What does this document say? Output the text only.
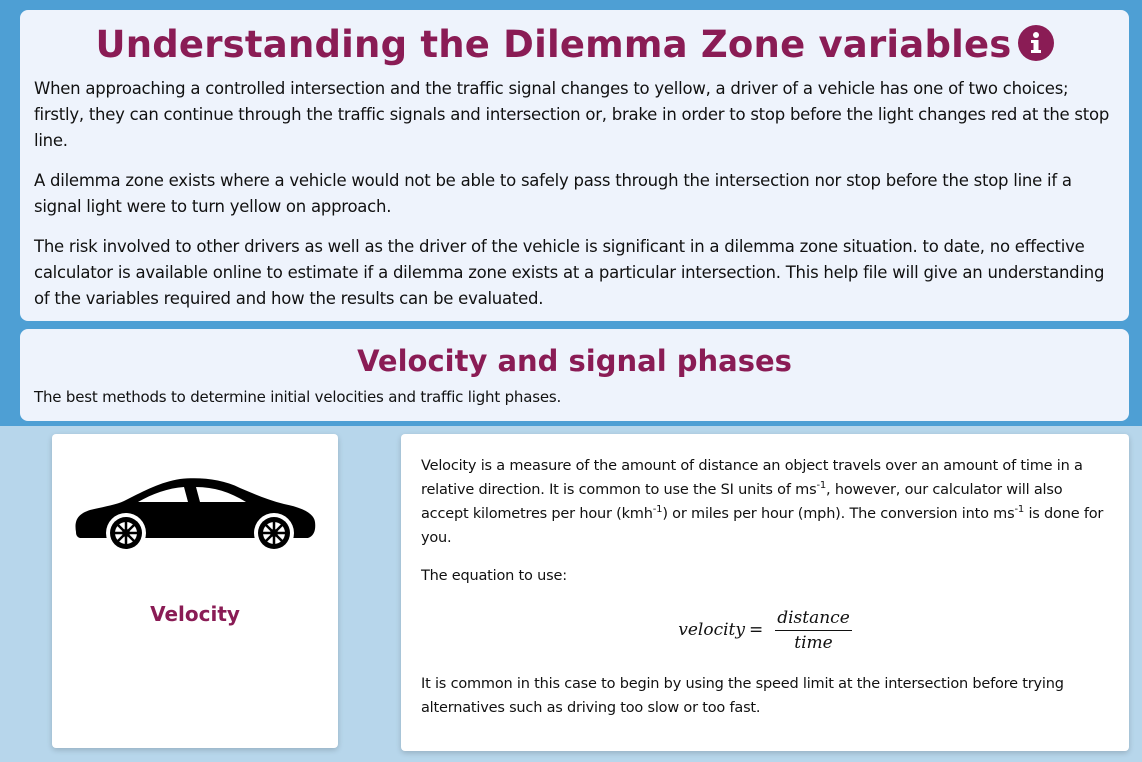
Understanding the Dilemma Zone variables

When approaching a controlled intersection and the traffic signal changes to yellow, a driver of a vehicle has one of two choices; firstly, they can continue through the traffic signals and intersection or, brake in order to stop before the light changes red at the stop line.

A dilemma zone exists where a vehicle would not be able to safely pass through the intersection nor stop before the stop line if a signal light were to turn yellow on approach.

The risk involved to other drivers as well as the driver of the vehicle is significant in a dilemma zone situation. to date, no effective calculator is available online to estimate if a dilemma zone exists at a particular intersection. This help file will give an understanding of the variables required and how the results can be evaluated.

Velocity and signal phases

The best methods to determine initial velocities and traffic light phases.

Velocity

Velocity is a measure of the amount of distance an object travels over an amount of time in a relative direction. It is common to use the SI units of $ms^{-1}$, however, our calculator will also accept kilometres per hour (kmh$^{-1}$) or miles per hour (mph). The conversion into $ms^{-1}$ is done for you.

The equation to use:

velocity = $\frac{\text{distance}}{\text{time}}$

It is common in this case to begin by using the speed limit at the intersection before trying alternatives such as driving too slow or too fast.
